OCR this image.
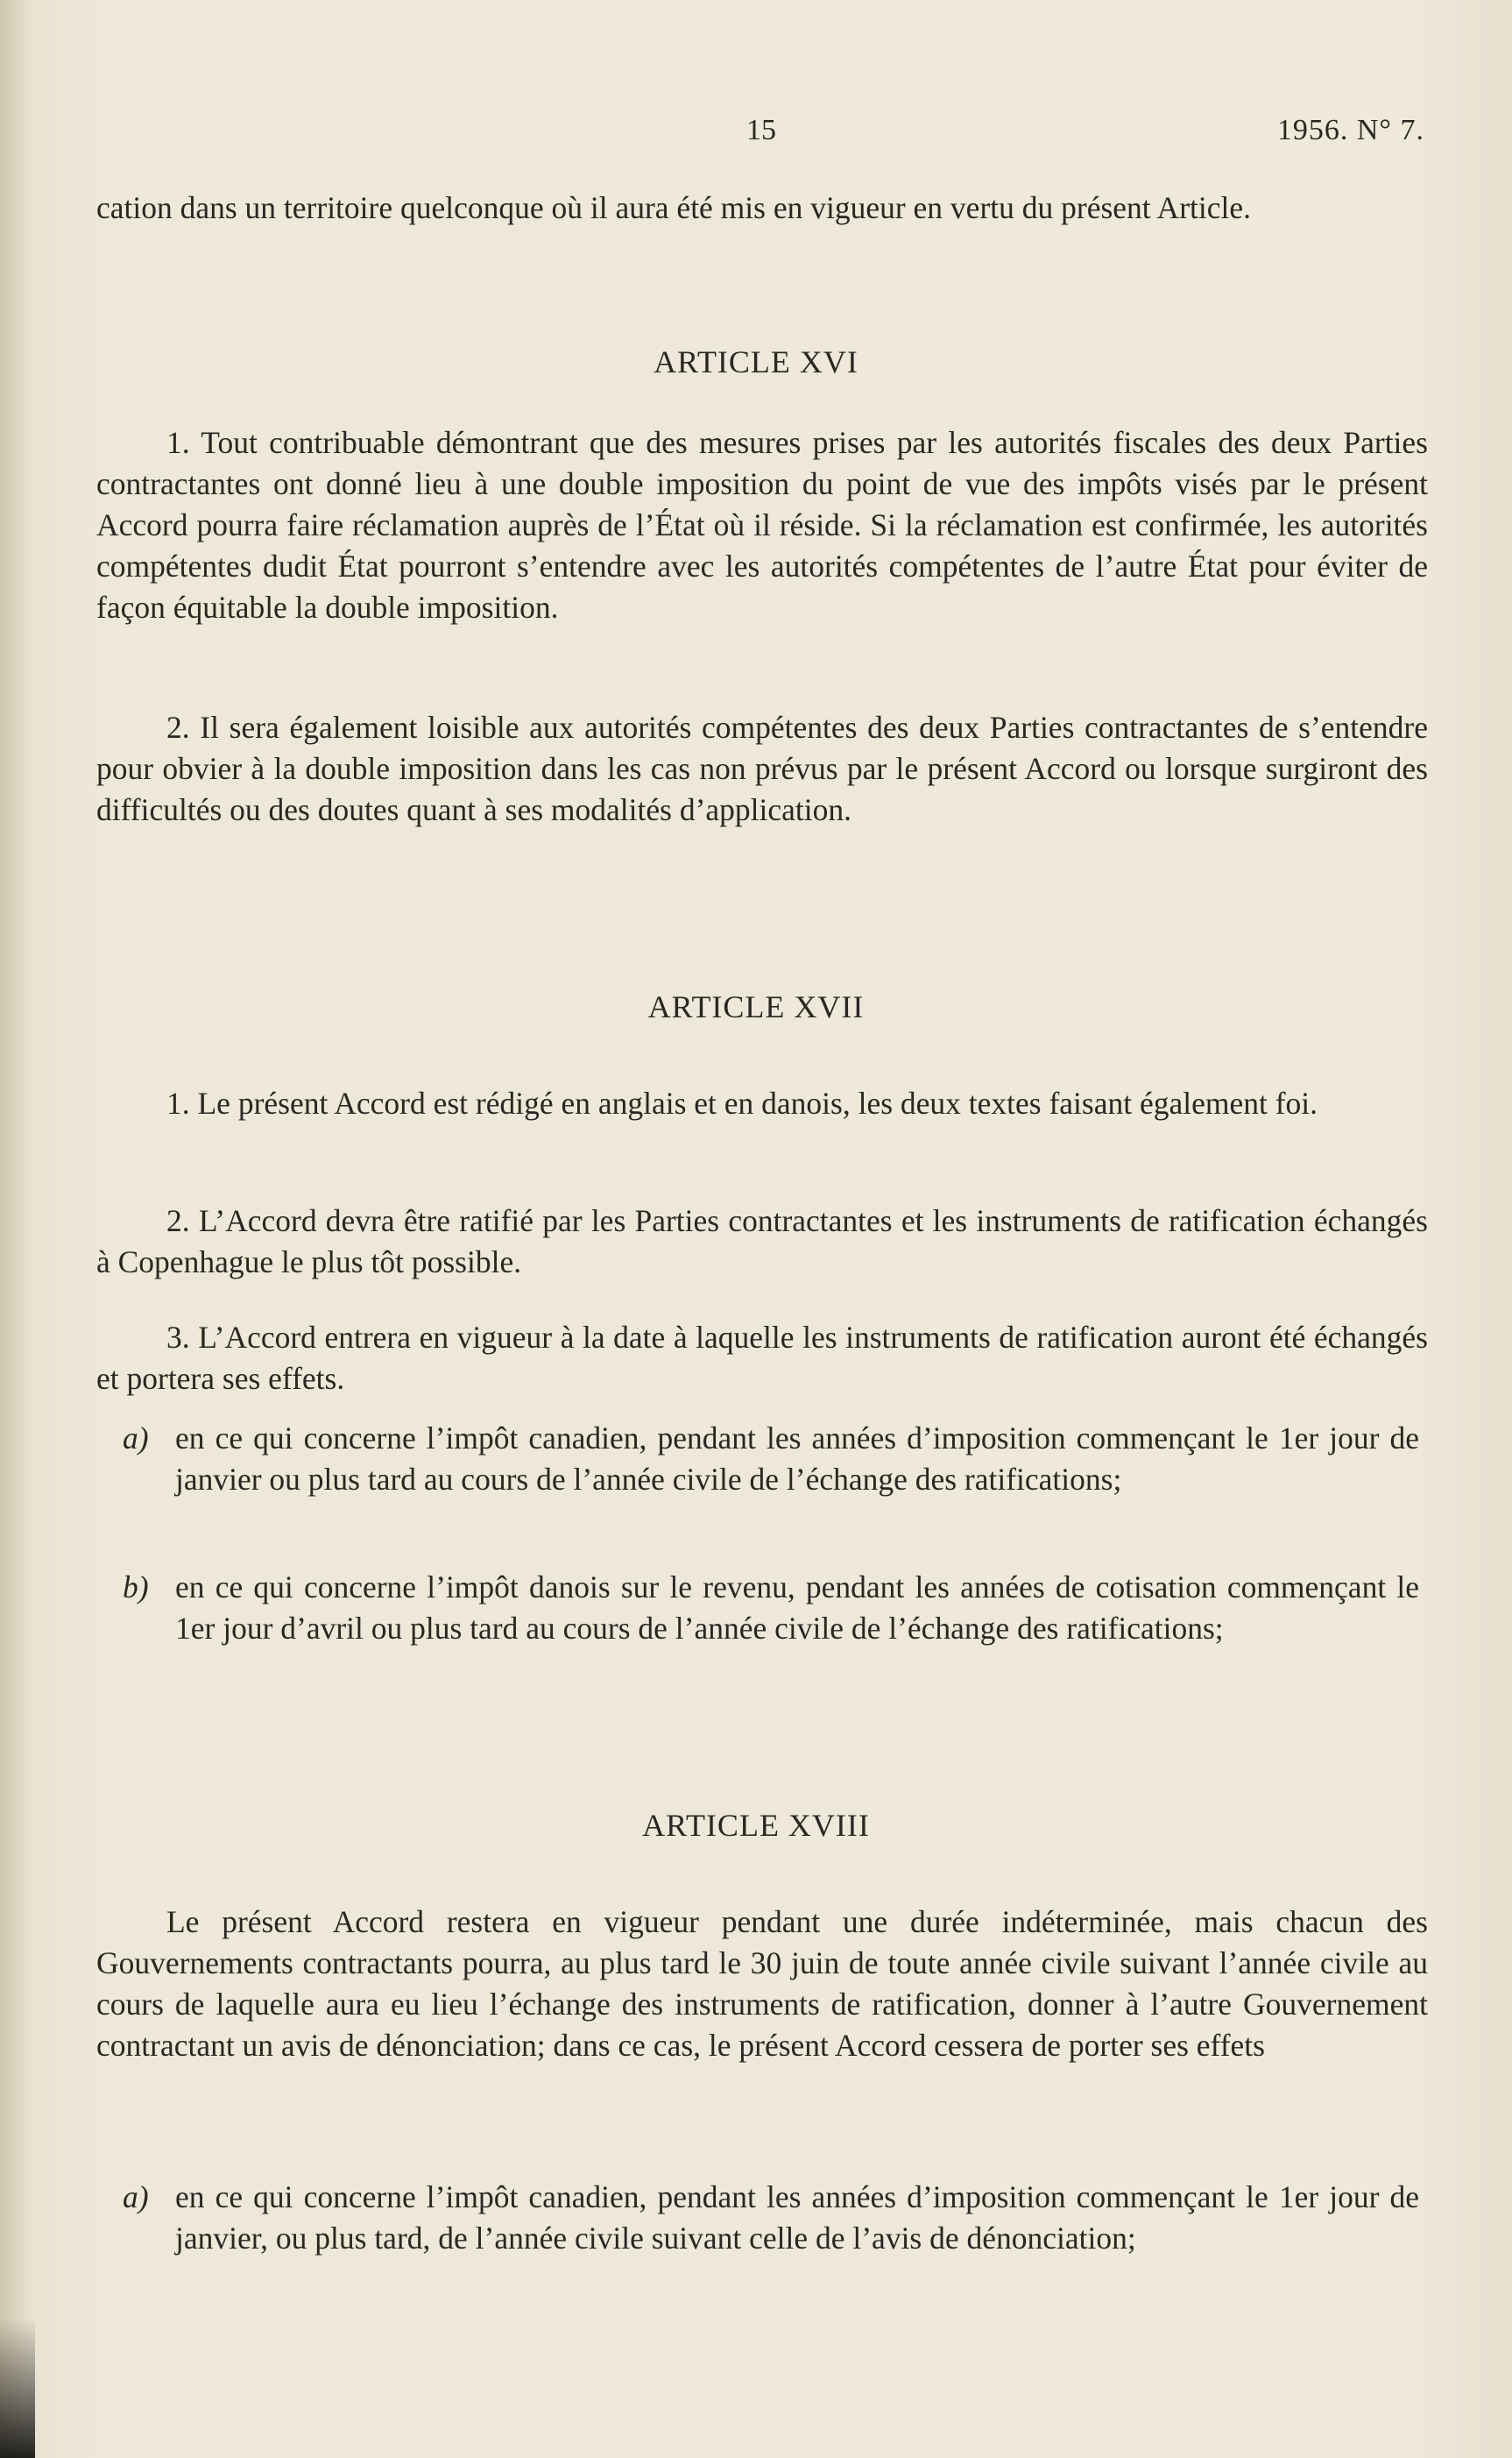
15	1956. N° 7.

cation dans un territoire quelconque où il aura été mis en vigueur en vertu du présent Article.

ARTICLE XVI

1. Tout contribuable démontrant que des mesures prises par les autorités fiscales des deux Parties contractantes ont donné lieu à une double imposition du point de vue des impôts visés par le présent Accord pourra faire réclamation auprès de l’État où il réside. Si la réclamation est confirmée, les autorités compétentes dudit État pourront s’entendre avec les autorités compétentes de l’autre État pour éviter de façon équitable la double imposition.

2. Il sera également loisible aux autorités compétentes des deux Parties contractantes de s’entendre pour obvier à la double imposition dans les cas non prévus par le présent Accord ou lorsque surgiront des difficultés ou des doutes quant à ses modalités d’application.

ARTICLE XVII

1. Le présent Accord est rédigé en anglais et en danois, les deux textes faisant également foi.

2. L’Accord devra être ratifié par les Parties contractantes et les instruments de ratification échangés à Copenhague le plus tôt possible.

3. L’Accord entrera en vigueur à la date à laquelle les instruments de ratification auront été échangés et portera ses effets.

a) en ce qui concerne l’impôt canadien, pendant les années d’imposition commençant le 1er jour de janvier ou plus tard au cours de l’année civile de l’échange des ratifications;
b) en ce qui concerne l’impôt danois sur le revenu, pendant les années de cotisation commençant le 1er jour d’avril ou plus tard au cours de l’année civile de l’échange des ratifications;
ARTICLE XVIII

Le présent Accord restera en vigueur pendant une durée indéterminée, mais chacun des Gouvernements contractants pourra, au plus tard le 30 juin de toute année civile suivant l’année civile au cours de laquelle aura eu lieu l’échange des instruments de ratification, donner à l’autre Gouvernement contractant un avis de dénonciation; dans ce cas, le présent Accord cessera de porter ses effets

a) en ce qui concerne l’impôt canadien, pendant les années d’imposition commençant le 1er jour de janvier, ou plus tard, de l’année civile suivant celle de l’avis de dénonciation;
